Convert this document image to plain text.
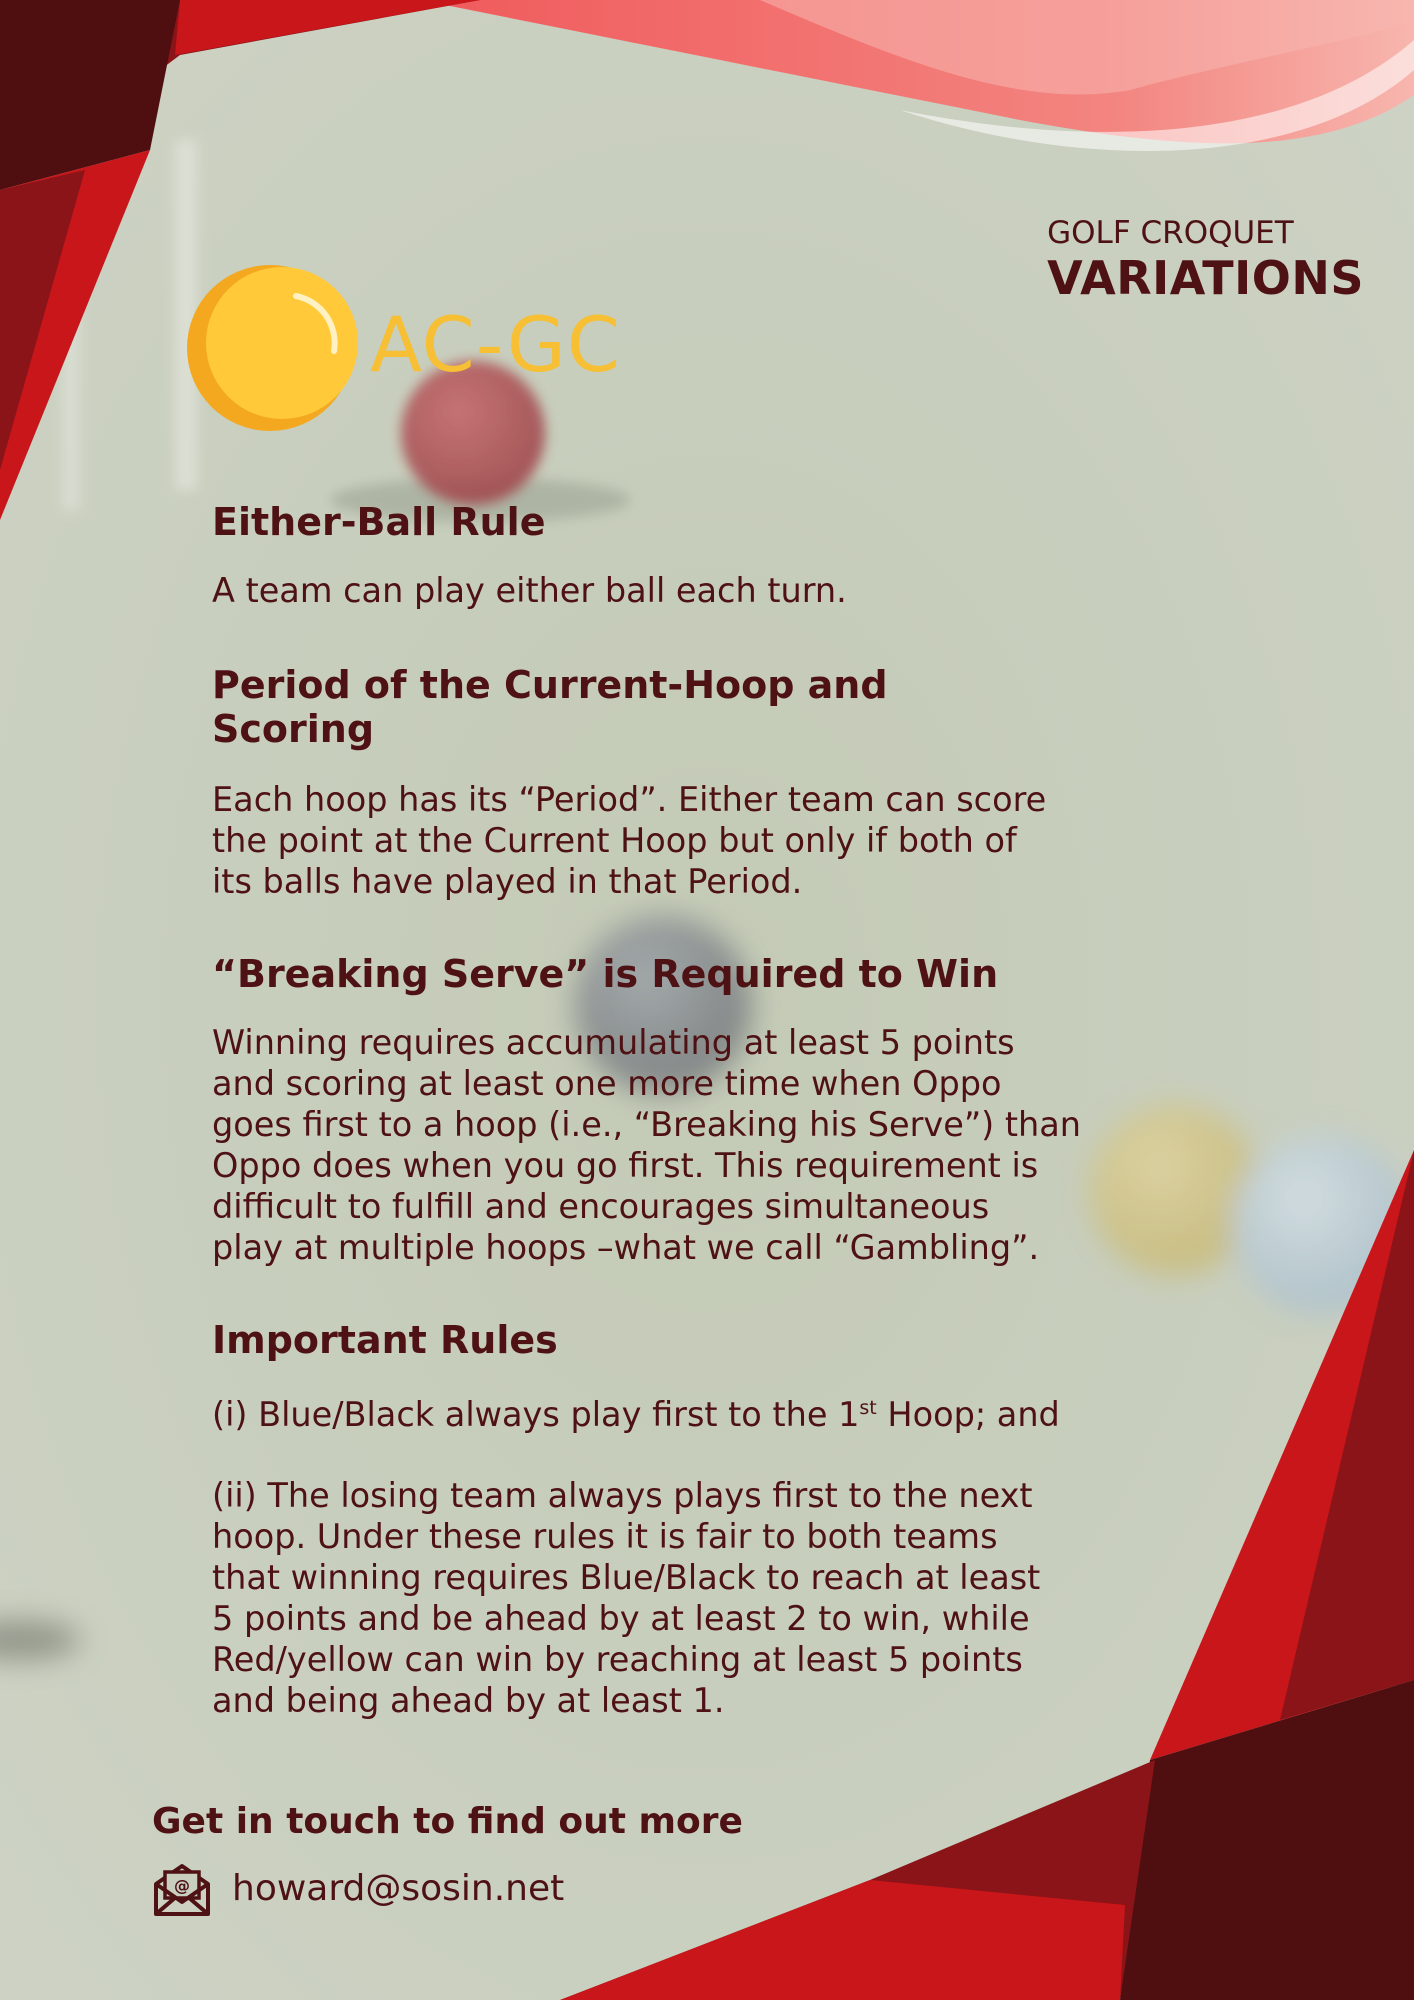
GOLF CROQUET
VARIATIONS
AC-GC
Either-Ball Rule

A team can play either ball each turn.

Period of the Current-Hoop and
Scoring

Each hoop has its “Period”. Either team can score
the point at the Current Hoop but only if both of
its balls have played in that Period.

“Breaking Serve” is Required to Win

Winning requires accumulating at least 5 points
and scoring at least one more time when Oppo
goes first to a hoop (i.e., “Breaking his Serve”) than
Oppo does when you go first. This requirement is
difficult to fulfill and encourages simultaneous
play at multiple hoops –what we call “Gambling”.

Important Rules

(i) Blue/Black always play first to the 1st Hoop; and

(ii) The losing team always plays first to the next
hoop. Under these rules it is fair to both teams
that winning requires Blue/Black to reach at least
5 points and be ahead by at least 2 to win, while
Red/yellow can win by reaching at least 5 points
and being ahead by at least 1.

Get in touch to find out more
@ howard@sosin.net
